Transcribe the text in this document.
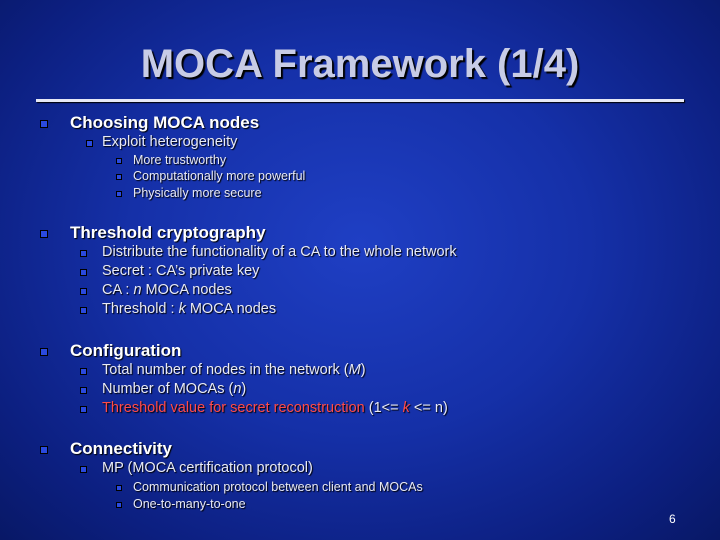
MOCA Framework (1/4)
Choosing MOCA nodes
Exploit heterogeneity
More trustworthy
Computationally more powerful
Physically more secure
Threshold cryptography
Distribute the functionality of a CA to the whole network
Secret : CA’s private key
CA : n MOCA nodes
Threshold : k MOCA nodes
Configuration
Total number of nodes in the network (M)
Number of MOCAs (n)
Threshold value for secret reconstruction (1<= k <= n)
Connectivity
MP (MOCA certification protocol)
Communication protocol between client and MOCAs
One-to-many-to-one
6
